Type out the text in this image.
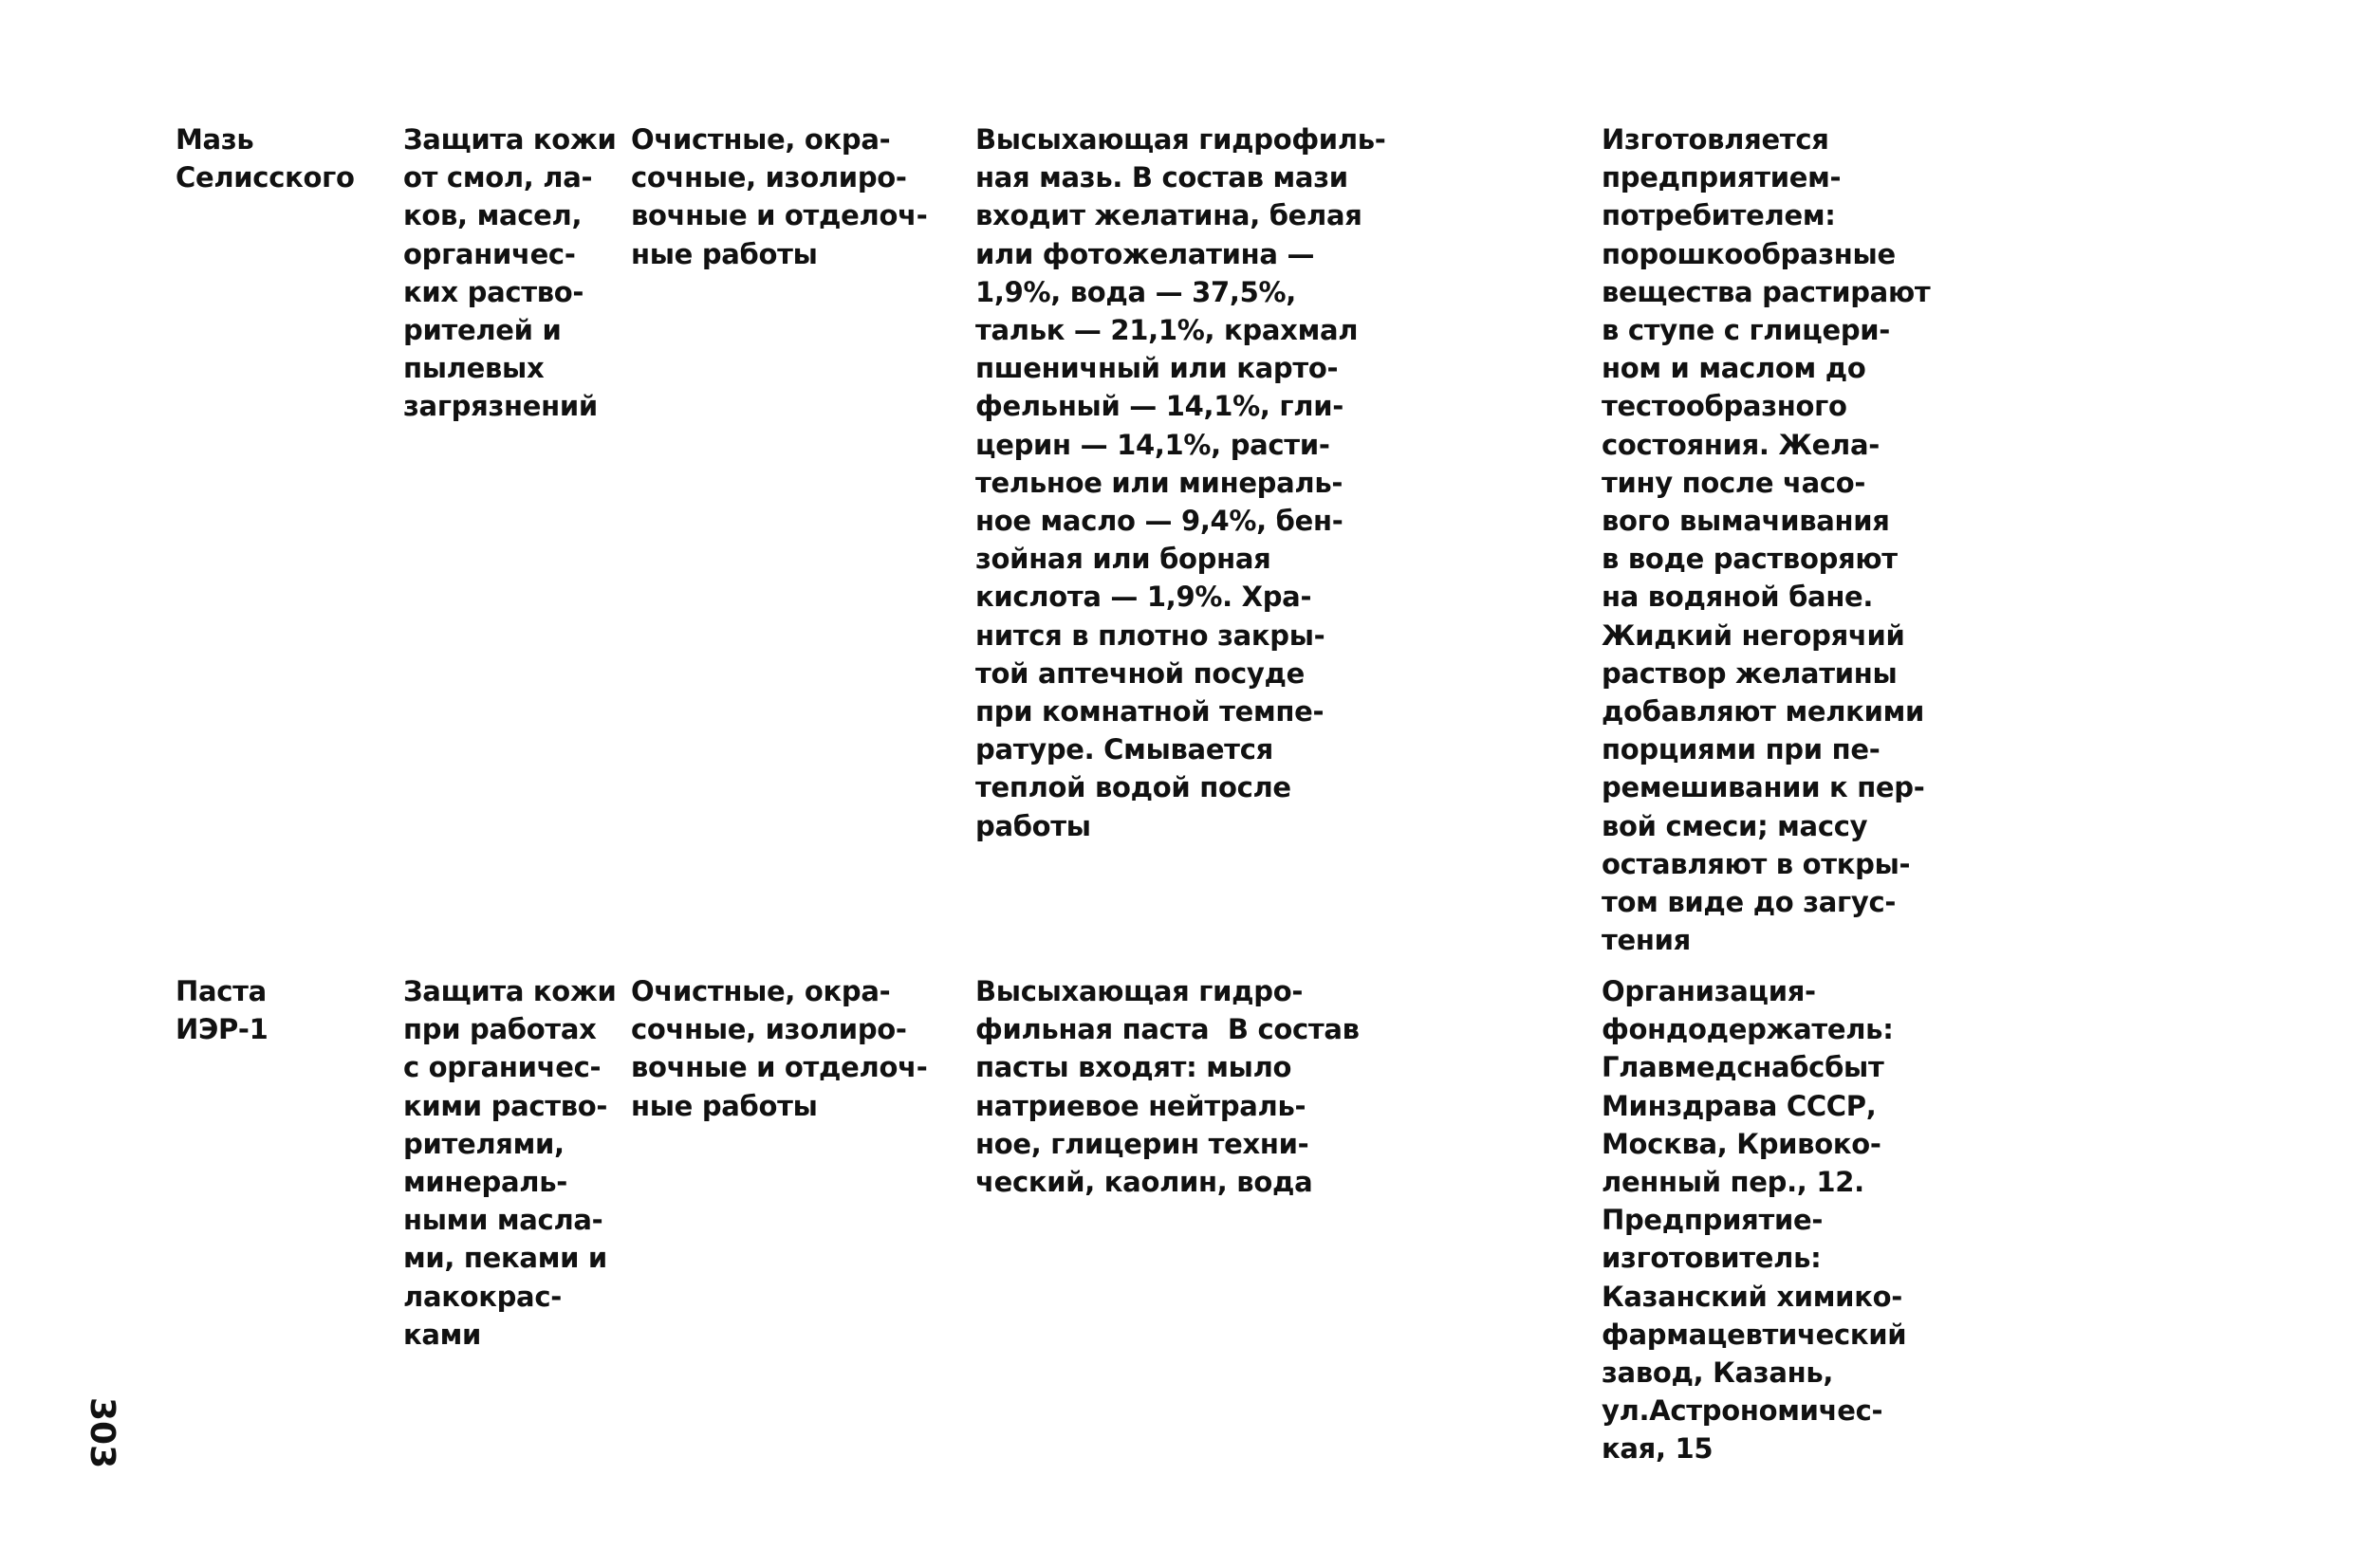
Мазь
Селисского
Защита кожи
от смол, ла-
ков, масел,
органичес-
ких раство-
рителей и
пылевых
загрязнений
Очистные, окра-
сочные, изолиро-
вочные и отделоч-
ные работы
Высыхающая гидрофиль-
ная мазь. В состав мази
входит желатина, белая
или фотожелатина —
1,9%, вода — 37,5%,
тальк — 21,1%, крахмал
пшеничный или карто-
фельный — 14,1%, гли-
церин — 14,1%, расти-
тельное или минераль-
ное масло — 9,4%, бен-
зойная или борная
кислота — 1,9%. Хра-
нится в плотно закры-
той аптечной посуде
при комнатной темпе-
ратуре. Смывается
теплой водой после
работы
Изготовляется
предприятием-
потребителем:
порошкообразные
вещества растирают
в ступе с глицери-
ном и маслом до
тестообразного
состояния. Жела-
тину после часо-
вого вымачивания
в воде растворяют
на водяной бане.
Жидкий негорячий
раствор желатины
добавляют мелкими
порциями при пе-
ремешивании к пер-
вой смеси; массу
оставляют в откры-
том виде до загус-
тения
Паста
ИЭР-1
Защита кожи
при работах
с органичес-
кими раство-
рителями,
минераль-
ными масла-
ми, пеками и
лакокрас-
ками
Очистные, окра-
сочные, изолиро-
вочные и отделоч-
ные работы
Высыхающая гидро-
фильная паста  В состав
пасты входят: мыло
натриевое нейтраль-
ное, глицерин техни-
ческий, каолин, вода
Организация-
фондодержатель:
Главмедснабсбыт
Минздрава СССР,
Москва, Кривоко-
ленный пер., 12.
Предприятие-
изготовитель:
Казанский химико-
фармацевтический
завод, Казань,
ул.Астрономичес-
кая, 15
303
